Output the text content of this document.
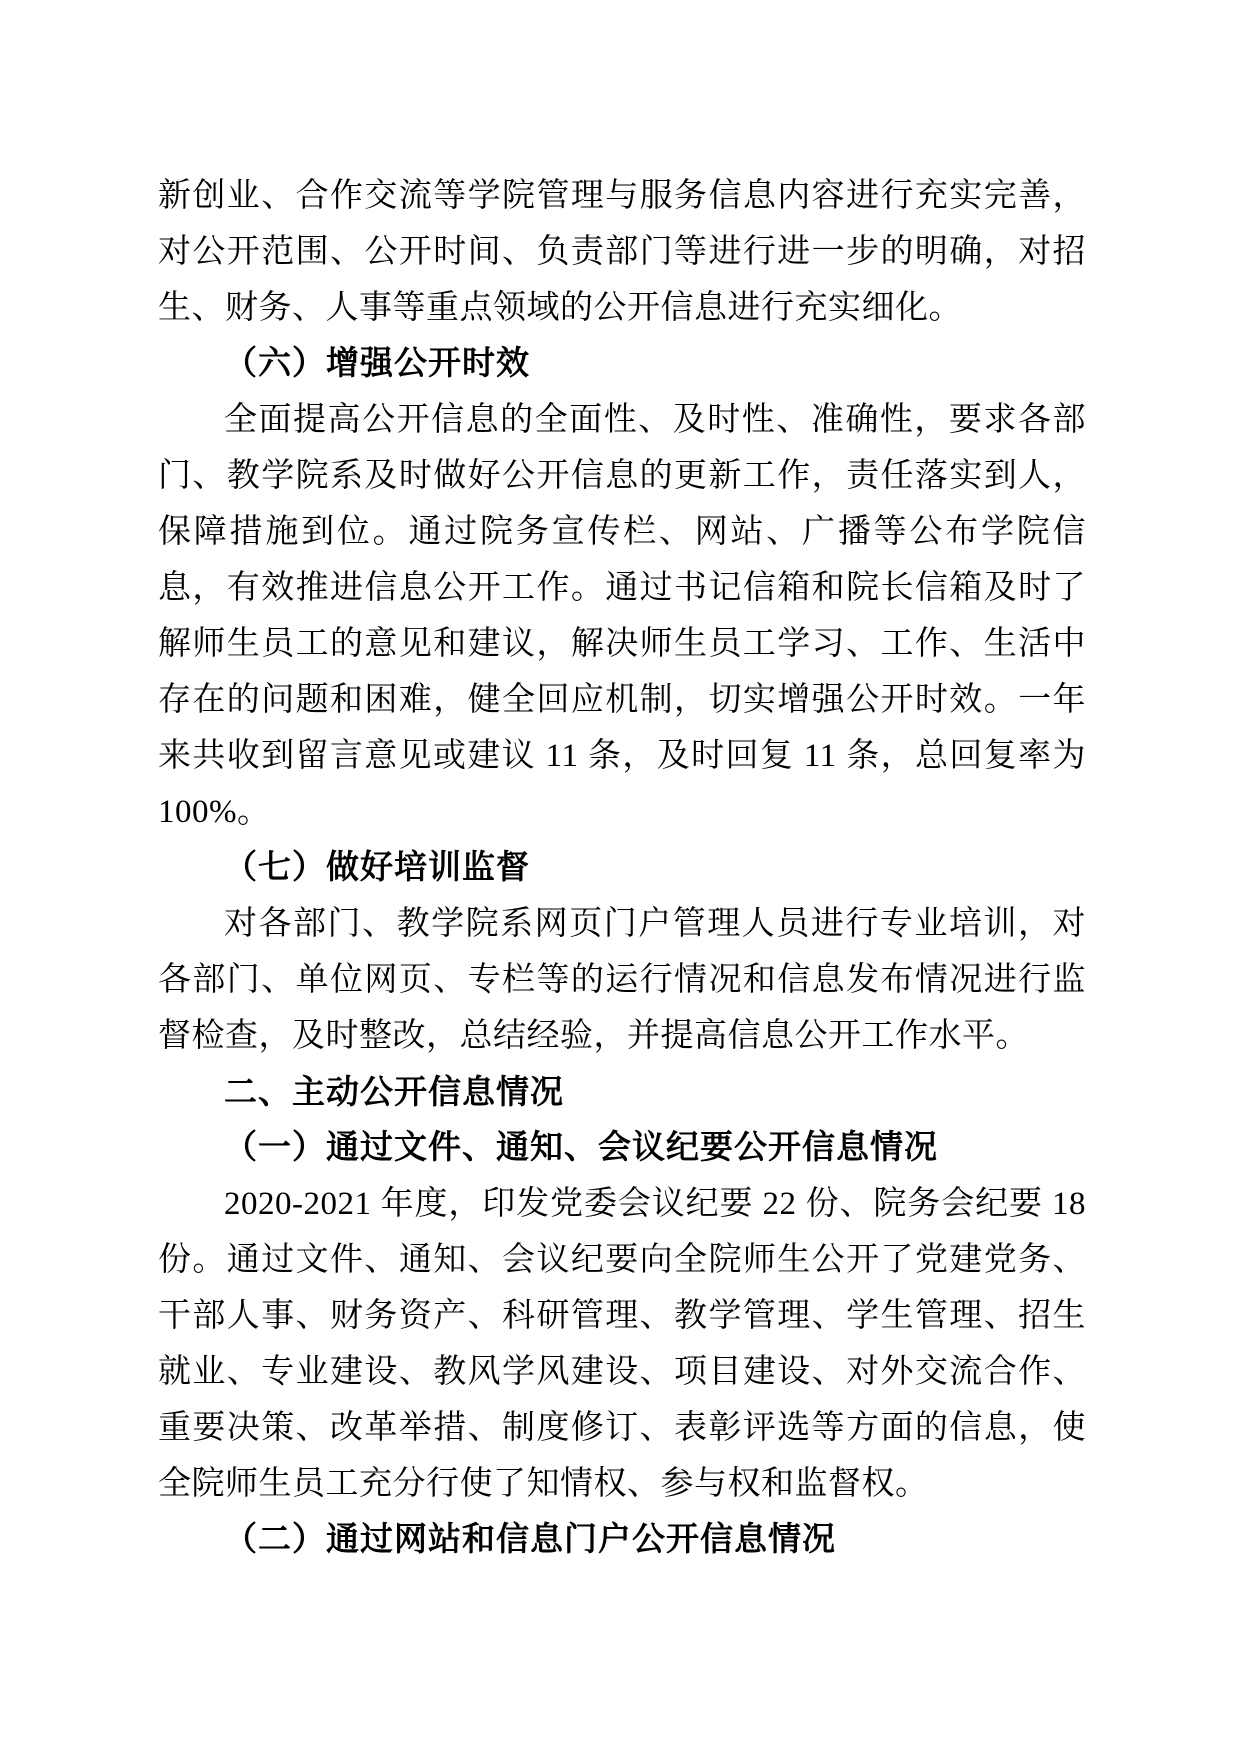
新创业、合作交流等学院管理与服务信息内容进行充实完善，对公开范围、公开时间、负责部门等进行进一步的明确，对招生、财务、人事等重点领域的公开信息进行充实细化。

（六）增强公开时效

全面提高公开信息的全面性、及时性、准确性，要求各部门、教学院系及时做好公开信息的更新工作，责任落实到人，保障措施到位。通过院务宣传栏、网站、广播等公布学院信息，有效推进信息公开工作。通过书记信箱和院长信箱及时了解师生员工的意见和建议，解决师生员工学习、工作、生活中存在的问题和困难，健全回应机制，切实增强公开时效。一年来共收到留言意见或建议 11 条，及时回复 11 条，总回复率为 100%。

（七）做好培训监督

对各部门、教学院系网页门户管理人员进行专业培训，对各部门、单位网页、专栏等的运行情况和信息发布情况进行监督检查，及时整改，总结经验，并提高信息公开工作水平。

二、主动公开信息情况

（一）通过文件、通知、会议纪要公开信息情况

2020-2021 年度，印发党委会议纪要 22 份、院务会纪要 18 份。通过文件、通知、会议纪要向全院师生公开了党建党务、干部人事、财务资产、科研管理、教学管理、学生管理、招生就业、专业建设、教风学风建设、项目建设、对外交流合作、重要决策、改革举措、制度修订、表彰评选等方面的信息，使全院师生员工充分行使了知情权、参与权和监督权。

（二）通过网站和信息门户公开信息情况
